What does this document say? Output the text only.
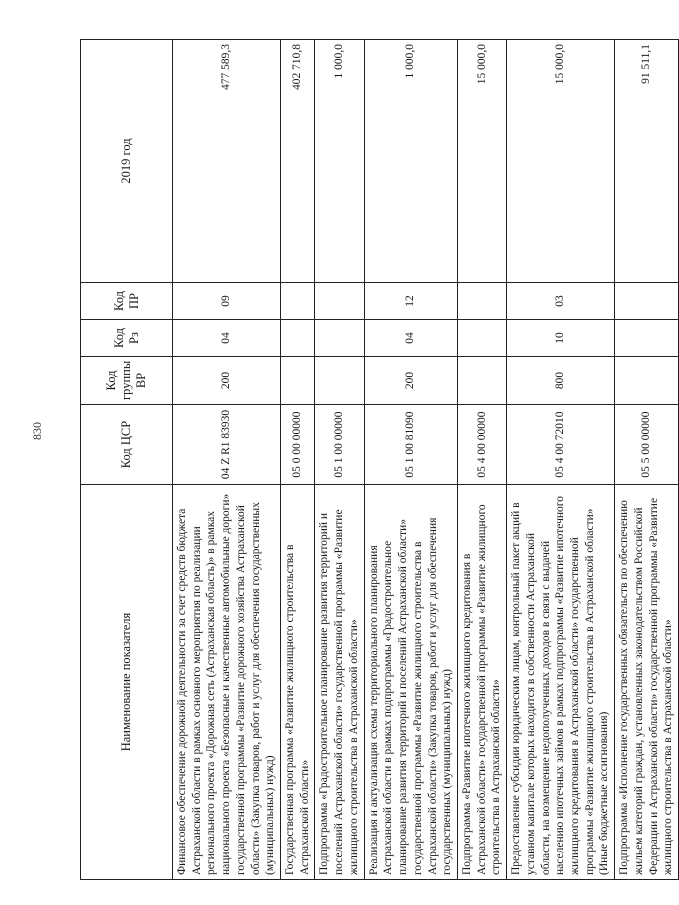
830
Наименование показателя	Код ЦСР	Код группы ВР	Код Рз	Код ПР	2019 год
Финансовое обеспечение дорожной деятельности за счет средств бюджета Астраханской области в рамках основного мероприятия по реализации регионального проекта «Дорожная сеть (Астраханская область)» в рамках национального проекта «Безопасные и качественные автомобильные дороги» государственной программы «Развитие дорожного хозяйства Астраханской области» (Закупка товаров, работ и услуг для обеспечения государственных (муниципальных) нужд)	04 Z R1 83930	200	04	09	477 589,3
Государственная программа «Развитие жилищного строительства в Астраханской области»	05 0 00 00000				402 710,8
Подпрограмма «Градостроительное планирование развития территорий и поселений Астраханской области» государственной программы «Развитие жилищного строительства в Астраханской области»	05 1 00 00000				1 000,0
Реализация и актуализация схемы территориального планирования Астраханской области в рамках подпрограммы «Градостроительное планирование развития территорий и поселений Астраханской области» государственной программы «Развитие жилищного строительства в Астраханской области» (Закупка товаров, работ и услуг для обеспечения государственных (муниципальных) нужд)	05 1 00 81090	200	04	12	1 000,0
Подпрограмма «Развитие ипотечного жилищного кредитования в Астраханской области» государственной программы «Развитие жилищного строительства в Астраханской области»	05 4 00 00000				15 000,0
Предоставление субсидии юридическим лицам, контрольный пакет акций в уставном капитале которых находится в собственности Астраханской области, на возмещение недополученных доходов в связи с выдачей населению ипотечных займов в рамках подпрограммы «Развитие ипотечного жилищного кредитования в Астраханской области» государственной программы «Развитие жилищного строительства в Астраханской области» (Иные бюджетные ассигнования)	05 4 00 72010	800	10	03	15 000,0
Подпрограмма «Исполнение государственных обязательств по обеспечению жильем категорий граждан, установленных законодательством Российской Федерации и Астраханской области» государственной программы «Развитие жилищного строительства в Астраханской области»	05 5 00 00000				91 511,1
